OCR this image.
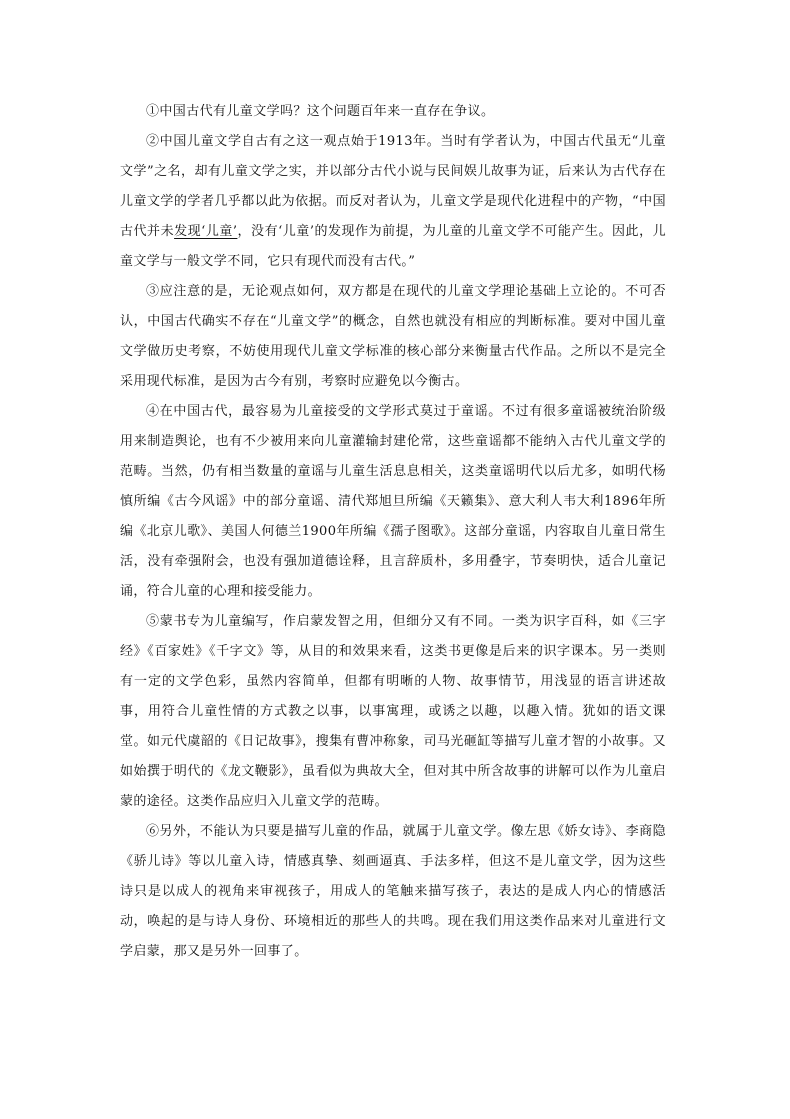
①中国古代有儿童文学吗？这个问题百年来一直存在争议。

②中国儿童文学自古有之这一观点始于1913年。当时有学者认为，中国古代虽无“儿童文学”之名，却有儿童文学之实，并以部分古代小说与民间娱儿故事为证，后来认为古代存在儿童文学的学者几乎都以此为依据。而反对者认为，儿童文学是现代化进程中的产物，“中国古代并未发现‘儿童’，没有‘儿童’的发现作为前提，为儿童的儿童文学不可能产生。因此，儿童文学与一般文学不同，它只有现代而没有古代。”

③应注意的是，无论观点如何，双方都是在现代的儿童文学理论基础上立论的。不可否认，中国古代确实不存在“儿童文学”的概念，自然也就没有相应的判断标准。要对中国儿童文学做历史考察，不妨使用现代儿童文学标准的核心部分来衡量古代作品。之所以不是完全采用现代标准，是因为古今有别，考察时应避免以今衡古。

④在中国古代，最容易为儿童接受的文学形式莫过于童谣。不过有很多童谣被统治阶级用来制造舆论，也有不少被用来向儿童灌输封建伦常，这些童谣都不能纳入古代儿童文学的范畴。当然，仍有相当数量的童谣与儿童生活息息相关，这类童谣明代以后尤多，如明代杨慎所编《古今风谣》中的部分童谣、清代郑旭旦所编《天籁集》、意大利人韦大利1896年所编《北京儿歌》、美国人何德兰1900年所编《孺子图歌》。这部分童谣，内容取自儿童日常生活，没有牵强附会，也没有强加道德诠释，且言辞质朴，多用叠字，节奏明快，适合儿童记诵，符合儿童的心理和接受能力。

⑤蒙书专为儿童编写，作启蒙发智之用，但细分又有不同。一类为识字百科，如《三字经》《百家姓》《千字文》等，从目的和效果来看，这类书更像是后来的识字课本。另一类则有一定的文学色彩，虽然内容简单，但都有明晰的人物、故事情节，用浅显的语言讲述故事，用符合儿童性情的方式教之以事，以事寓理，或诱之以趣，以趣入情。犹如的语文课堂。如元代虞韶的《日记故事》，搜集有曹冲称象，司马光砸缸等描写儿童才智的小故事。又如始撰于明代的《龙文鞭影》，虽看似为典故大全，但对其中所含故事的讲解可以作为儿童启蒙的途径。这类作品应归入儿童文学的范畴。

⑥另外，不能认为只要是描写儿童的作品，就属于儿童文学。像左思《娇女诗》、李商隐《骄儿诗》等以儿童入诗，情感真挚、刻画逼真、手法多样，但这不是儿童文学，因为这些诗只是以成人的视角来审视孩子，用成人的笔触来描写孩子，表达的是成人内心的情感活动，唤起的是与诗人身份、环境相近的那些人的共鸣。现在我们用这类作品来对儿童进行文学启蒙，那又是另外一回事了。
